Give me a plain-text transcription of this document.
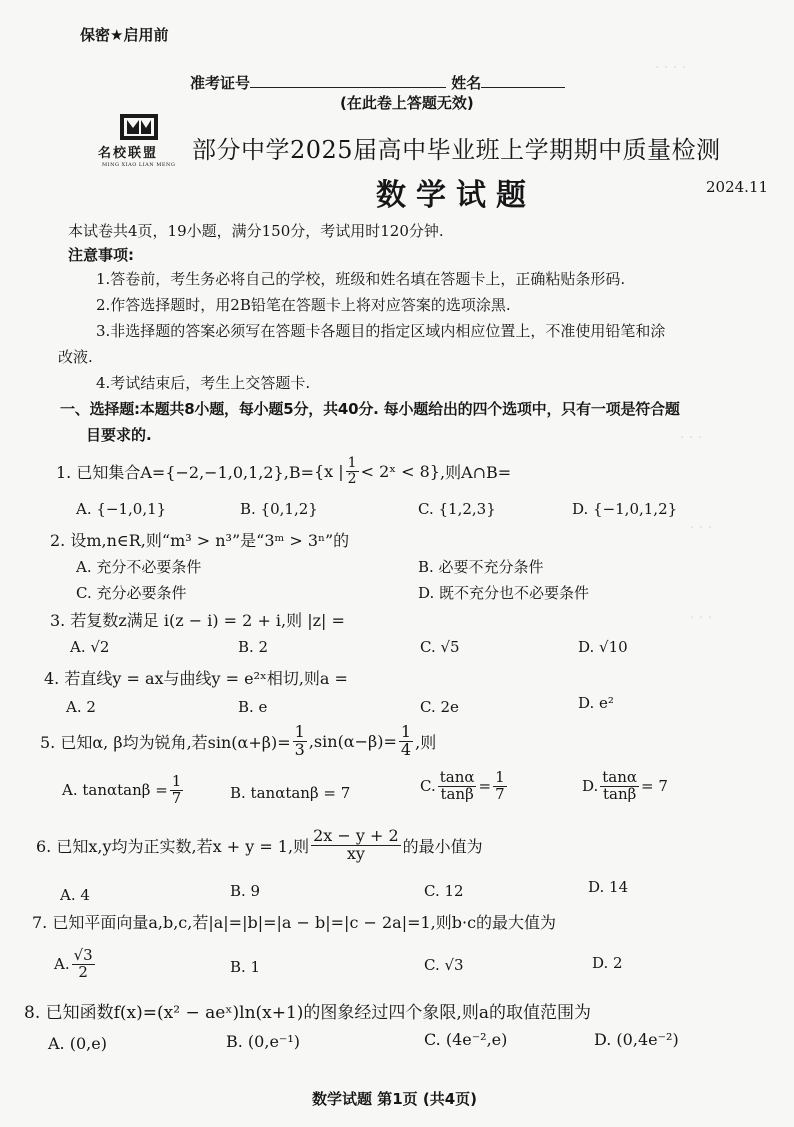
· · · ·
· · ·
· · ·
· · ·
保密★启用前
准考证号	姓名
(在此卷上答题无效)
名校联盟
MING XIAO LIAN MENG
部分中学2025届高中毕业班上学期期中质量检测
数学试题	2024.11
本试卷共4页，19小题，满分150分，考试用时120分钟.
注意事项:
1.答卷前，考生务必将自己的学校，班级和姓名填在答题卡上，正确粘贴条形码.
2.作答选择题时，用2B铅笔在答题卡上将对应答案的选项涂黑.
3.非选择题的答案必须写在答题卡各题目的指定区域内相应位置上，不准使用铅笔和涂
改液.
4.考试结束后，考生上交答题卡.
一、选择题:本题共8小题，每小题5分，共40分. 每小题给出的四个选项中，只有一项是符合题
目要求的.
1. 已知集合A={−2,−1,0,1,2},B= {x | $\frac{1}{2}$ < 2ˣ < 8} ,则A∩B=
A. {−1,0,1}	B. {0,1,2}	C. {1,2,3}	D. {−1,0,1,2}
2. 设m,n∈R,则“m³ > n³”是“3ᵐ > 3ⁿ”的
A. 充分不必要条件	B. 必要不充分条件
C. 充分必要条件	D. 既不充分也不必要条件
3. 若复数z满足 i(z − i) = 2 + i,则 |z| =
A. √2	B. 2	C. √5	D. √10
4. 若直线y = ax与曲线y = e²ˣ相切,则a =
A. 2	B. e	C. 2e	D. e²
5. 已知α, β均为锐角,若$\sin(\alpha+\beta)= \frac{1}{3} ,\sin(\alpha-\beta)= \frac{1}{4}$ ,则
A. $\tan\alpha\tan\beta = \frac{1}{7}$	B. tanαtanβ = 7	C. $\frac{\tan\alpha}{\tan\beta} = \frac{1}{7}$	D. $\frac{\tan\alpha}{\tan\beta} = 7$
6. 已知x,y均为正实数,若x + y = 1,则 $\frac{2x - y + 2}{xy}$ 的最小值为
A. 4	B. 9	C. 12	D. 14
7. 已知平面向量a,b,c,若|a|=|b|=|a − b|=|c − 2a|=1,则b·c的最大值为
A. $\frac{√3}{2}$	B. 1	C. √3	D. 2
8. 已知函数f(x)=(x² − aeˣ)ln(x+1)的图象经过四个象限,则a的取值范围为
A. (0,e)	B. (0,e⁻¹)	C. (4e⁻²,e)	D. (0,4e⁻²)
数学试题 第1页 (共4页)
